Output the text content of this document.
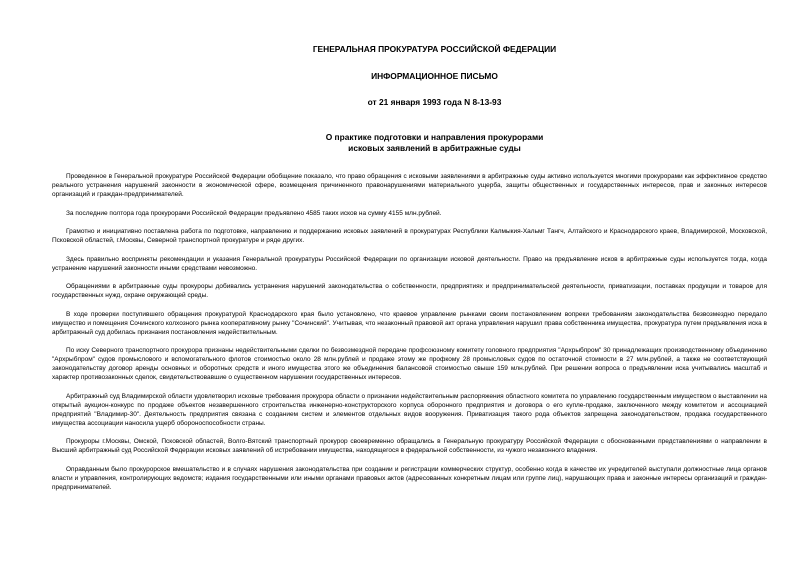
ГЕНЕРАЛЬНАЯ ПРОКУРАТУРА РОССИЙСКОЙ ФЕДЕРАЦИИ

ИНФОРМАЦИОННОЕ ПИСЬМО

от 21 января 1993 года N 8-13-93

О практике подготовки и направления прокурорами
исковых заявлений в арбитражные суды

Проведенное в Генеральной прокуратуре Российской Федерации обобщение показало, что право обращения с исковыми заявлениями в арбитражные суды активно используется многими прокурорами как эффективное средство реального устранения нарушений законности в экономической сфере, возмещения причиненного правонарушениями материального ущерба, защиты общественных и государственных интересов, прав и законных интересов организаций и граждан-предпринимателей.

За последние полтора года прокурорами Российской Федерации предъявлено 4585 таких исков на сумму 4155 млн.рублей.

Грамотно и инициативно поставлена работа по подготовке, направлению и поддержанию исковых заявлений в прокуратурах Республики Калмыкия-Хальмг Тангч, Алтайского и Краснодарского краев, Владимирской, Московской, Псковской областей, г.Москвы, Северной транспортной прокуратуре и ряде других.

Здесь правильно восприняты рекомендации и указания Генеральной прокуратуры Российской Федерации по организации исковой деятельности. Право на предъявление исков в арбитражные суды используется тогда, когда устранение нарушений законности иными средствами невозможно.

Обращениями в арбитражные суды прокуроры добивались устранения нарушений законодательства о собственности, предприятиях и предпринимательской деятельности, приватизации, поставках продукции и товаров для государственных нужд, охране окружающей среды.

В ходе проверки поступившего обращения прокуратурой Краснодарского края было установлено, что краевое управление рынками своим постановлением вопреки требованиям законодательства безвозмездно передало имущество и помещения Сочинского колхозного рынка кооперативному рынку "Сочинский". Учитывая, что незаконный правовой акт органа управления нарушил права собственника имущества, прокуратура путем предъявления иска в арбитражный суд добилась признания постановления недействительным.

По иску Северного транспортного прокурора признаны недействительными сделки по безвозмездной передаче профсоюзному комитету головного предприятия "Архрыбпром" 30 принадлежащих производственному объединению "Архрыбпром" судов промыслового и вспомогательного флотов стоимостью около 28 млн.рублей и продаже этому же профкому 28 промысловых судов по остаточной стоимости в 27 млн.рублей, а также не соответствующий законодательству договор аренды основных и оборотных средств и иного имущества этого же объединения балансовой стоимостью свыше 159 млн.рублей. При решении вопроса о предъявлении иска учитывались масштаб и характер противозаконных сделок, свидетельствовавшие о существенном нарушении государственных интересов.

Арбитражный суд Владимирской области удовлетворил исковые требования прокурора области о признании недействительным распоряжения областного комитета по управлению государственным имуществом о выставлении на открытый аукцион-конкурс по продаже объектов незавершенного строительства инженерно-конструкторского корпуса оборонного предприятия и договора о его купле-продаже, заключенного между комитетом и ассоциацией предприятий "Владимир-30". Деятельность предприятия связана с созданием систем и элементов отдельных видов вооружения. Приватизация такого рода объектов запрещена законодательством, продажа государственного имущества ассоциации наносила ущерб обороноспособности страны.

Прокуроры г.Москвы, Омской, Псковской областей, Волго-Вятский транспортный прокурор своевременно обращались в Генеральную прокуратуру Российской Федерации с обоснованными представлениями о направлении в Высший арбитражный суд Российской Федерации исковых заявлений об истребовании имущества, находящегося в федеральной собственности, из чужого незаконного владения.

Оправданным было прокурорское вмешательство и в случаях нарушения законодательства при создании и регистрации коммерческих структур, особенно когда в качестве их учредителей выступали должностные лица органов власти и управления, контролирующих ведомств; издания государственными или иными органами правовых актов (адресованных конкретным лицам или группе лиц), нарушающих права и законные интересы организаций и граждан-предпринимателей.
